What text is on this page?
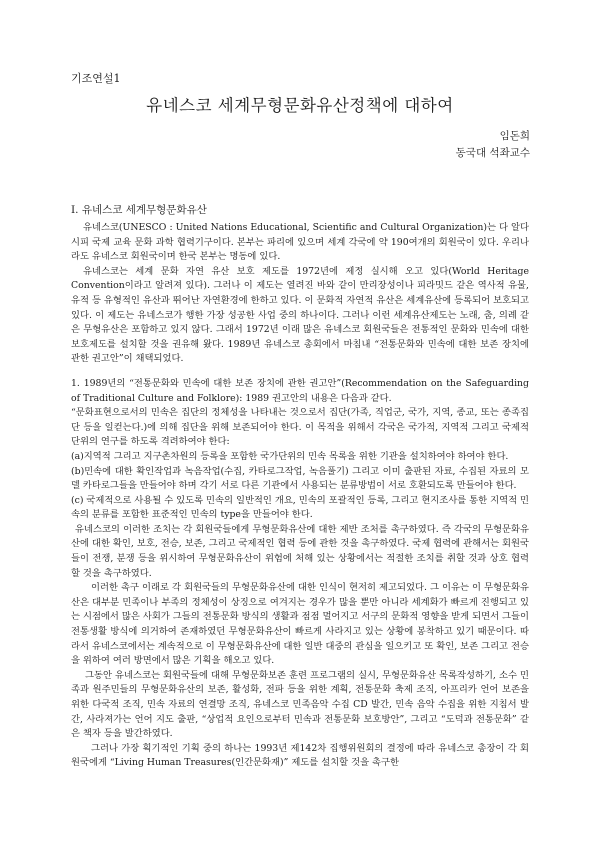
기조연설1
유네스코 세계무형문화유산정책에 대하여
임돈희
동국대 석좌교수
I. 유네스코 세계무형문화유산

유네스코(UNESCO : United Nations Educational, Scientific and Cultural Organization)는 다 알다시피 국제 교육 문화 과학 협력기구이다. 본부는 파리에 있으며 세계 각국에 약 190여개의 회원국이 있다. 우리나라도 유네스코 회원국이며 한국 본부는 명동에 있다.

유네스코는 세계 문화 자연 유산 보호 제도를 1972년에 제정 실시해 오고 있다(World Heritage Convention이라고 알려져 있다). 그러나 이 제도는 열려진 바와 같이 만리장성이나 피라밋드 같은 역사적 유물, 유적 등 유형적인 유산과 뛰어난 자연환경에 한하고 있다. 이 문화적 자연적 유산은 세계유산에 등록되어 보호되고 있다. 이 제도는 유네스코가 행한 가장 성공한 사업 중의 하나이다. 그러나 이런 세계유산제도는 노래, 춤, 의례 같은 무형유산은 포함하고 있지 않다. 그래서 1972년 이래 많은 유네스코 회원국들은 전통적인 문화와 민속에 대한 보호제도를 설치할 것을 권유해 왔다. 1989년 유네스코 총회에서 마침내 “전통문화와 민속에 대한 보존 장치에 관한 권고안”이 채택되었다.

1. 1989년의 “전통문화와 민속에 대한 보존 장치에 관한 권고안”(Recommendation on the Safeguarding of Traditional Culture and Folklore): 1989 권고안의 내용은 다음과 같다.

“문화표현으로서의 민속은 집단의 정체성을 나타내는 것으로서 집단(가족, 직업군, 국가, 지역, 종교, 또는 종족집단 등을 일컫는다.)에 의해 집단을 위해 보존되어야 한다. 이 목적을 위해서 각국은 국가적, 지역적 그리고 국제적 단위의 연구를 하도록 격려하여야 한다:

(a)지역적 그리고 지구촌차원의 등록을 포함한 국가단위의 민속 목록을 위한 기관을 설치하여야 하여야 한다.

(b)민속에 대한 확인작업과 녹음작업(수집, 카타로그작업, 녹음풀기) 그리고 이미 출판된 자료, 수집된 자료의 모델 카타로그들을 만들어야 하며 각기 서로 다른 기관에서 사용되는 분류방법이 서로 호환되도록 만들어야 한다.

(c) 국제적으로 사용될 수 있도록 민속의 일반적인 개요, 민속의 포괄적인 등록, 그리고 현지조사를 통한 지역적 민속의 분류를 포함한 표준적인 민속의 type을 만들어야 한다.

유네스코의 이러한 조치는 각 회원국들에게 무형문화유산에 대한 제반 조처를 촉구하였다. 즉 각국의 무형문화유산에 대한 확인, 보호, 전승, 보존, 그리고 국제적인 협력 등에 관한 것을 촉구하였다. 국제 협력에 관해서는 회원국들이 전쟁, 분쟁 등을 위시하여 무형문화유산이 위험에 처해 있는 상황에서는 적절한 조치를 취할 것과 상호 협력할 것을 촉구하였다.

이러한 촉구 이래로 각 회원국들의 무형문화유산에 대한 인식이 현저히 제고되었다. 그 이유는 이 무형문화유산은 대부분 민족이나 부족의 정체성이 상징으로 여겨지는 경우가 많을 뿐만 아니라 세계화가 빠르게 진행되고 있는 시점에서 많은 사회가 그들의 전통문화 방식의 생활과 점점 멀어지고 서구의 문화적 영향을 받게 되면서 그들이 전통생활 방식에 의거하여 존재하였던 무형문화유산이 빠르게 사라지고 있는 상황에 봉착하고 있기 때문이다. 따라서 유네스코에서는 계속적으로 이 무형문화유산에 대한 일반 대중의 관심을 일으키고 또 확인, 보존 그리고 전승을 위하여 여러 방면에서 많은 기획을 해오고 있다.

그동안 유네스코는 회원국들에 대해 무형문화보존 훈련 프로그램의 실시, 무형문화유산 목록작성하기, 소수 민족과 원주민들의 무형문화유산의 보존, 활성화, 전파 등을 위한 계획, 전통문화 축제 조직, 아프리카 언어 보존을 위한 다국적 조직, 민속 자료의 연결망 조직, 유네스코 민족음악 수집 CD 발간, 민속 음악 수집을 위한 지침서 발간, 사라져가는 언어 지도 출판, “상업적 요인으로부터 민속과 전통문화 보호방안”, 그리고 “도덕과 전통문화” 같은 책자 등을 발간하였다.

그러나 가장 획기적인 기획 중의 하나는 1993년 제142차 집행위원회의 결정에 따라 유네스코 총장이 각 회원국에게 “Living Human Treasures(인간문화재)” 제도를 설치할 것을 촉구한
